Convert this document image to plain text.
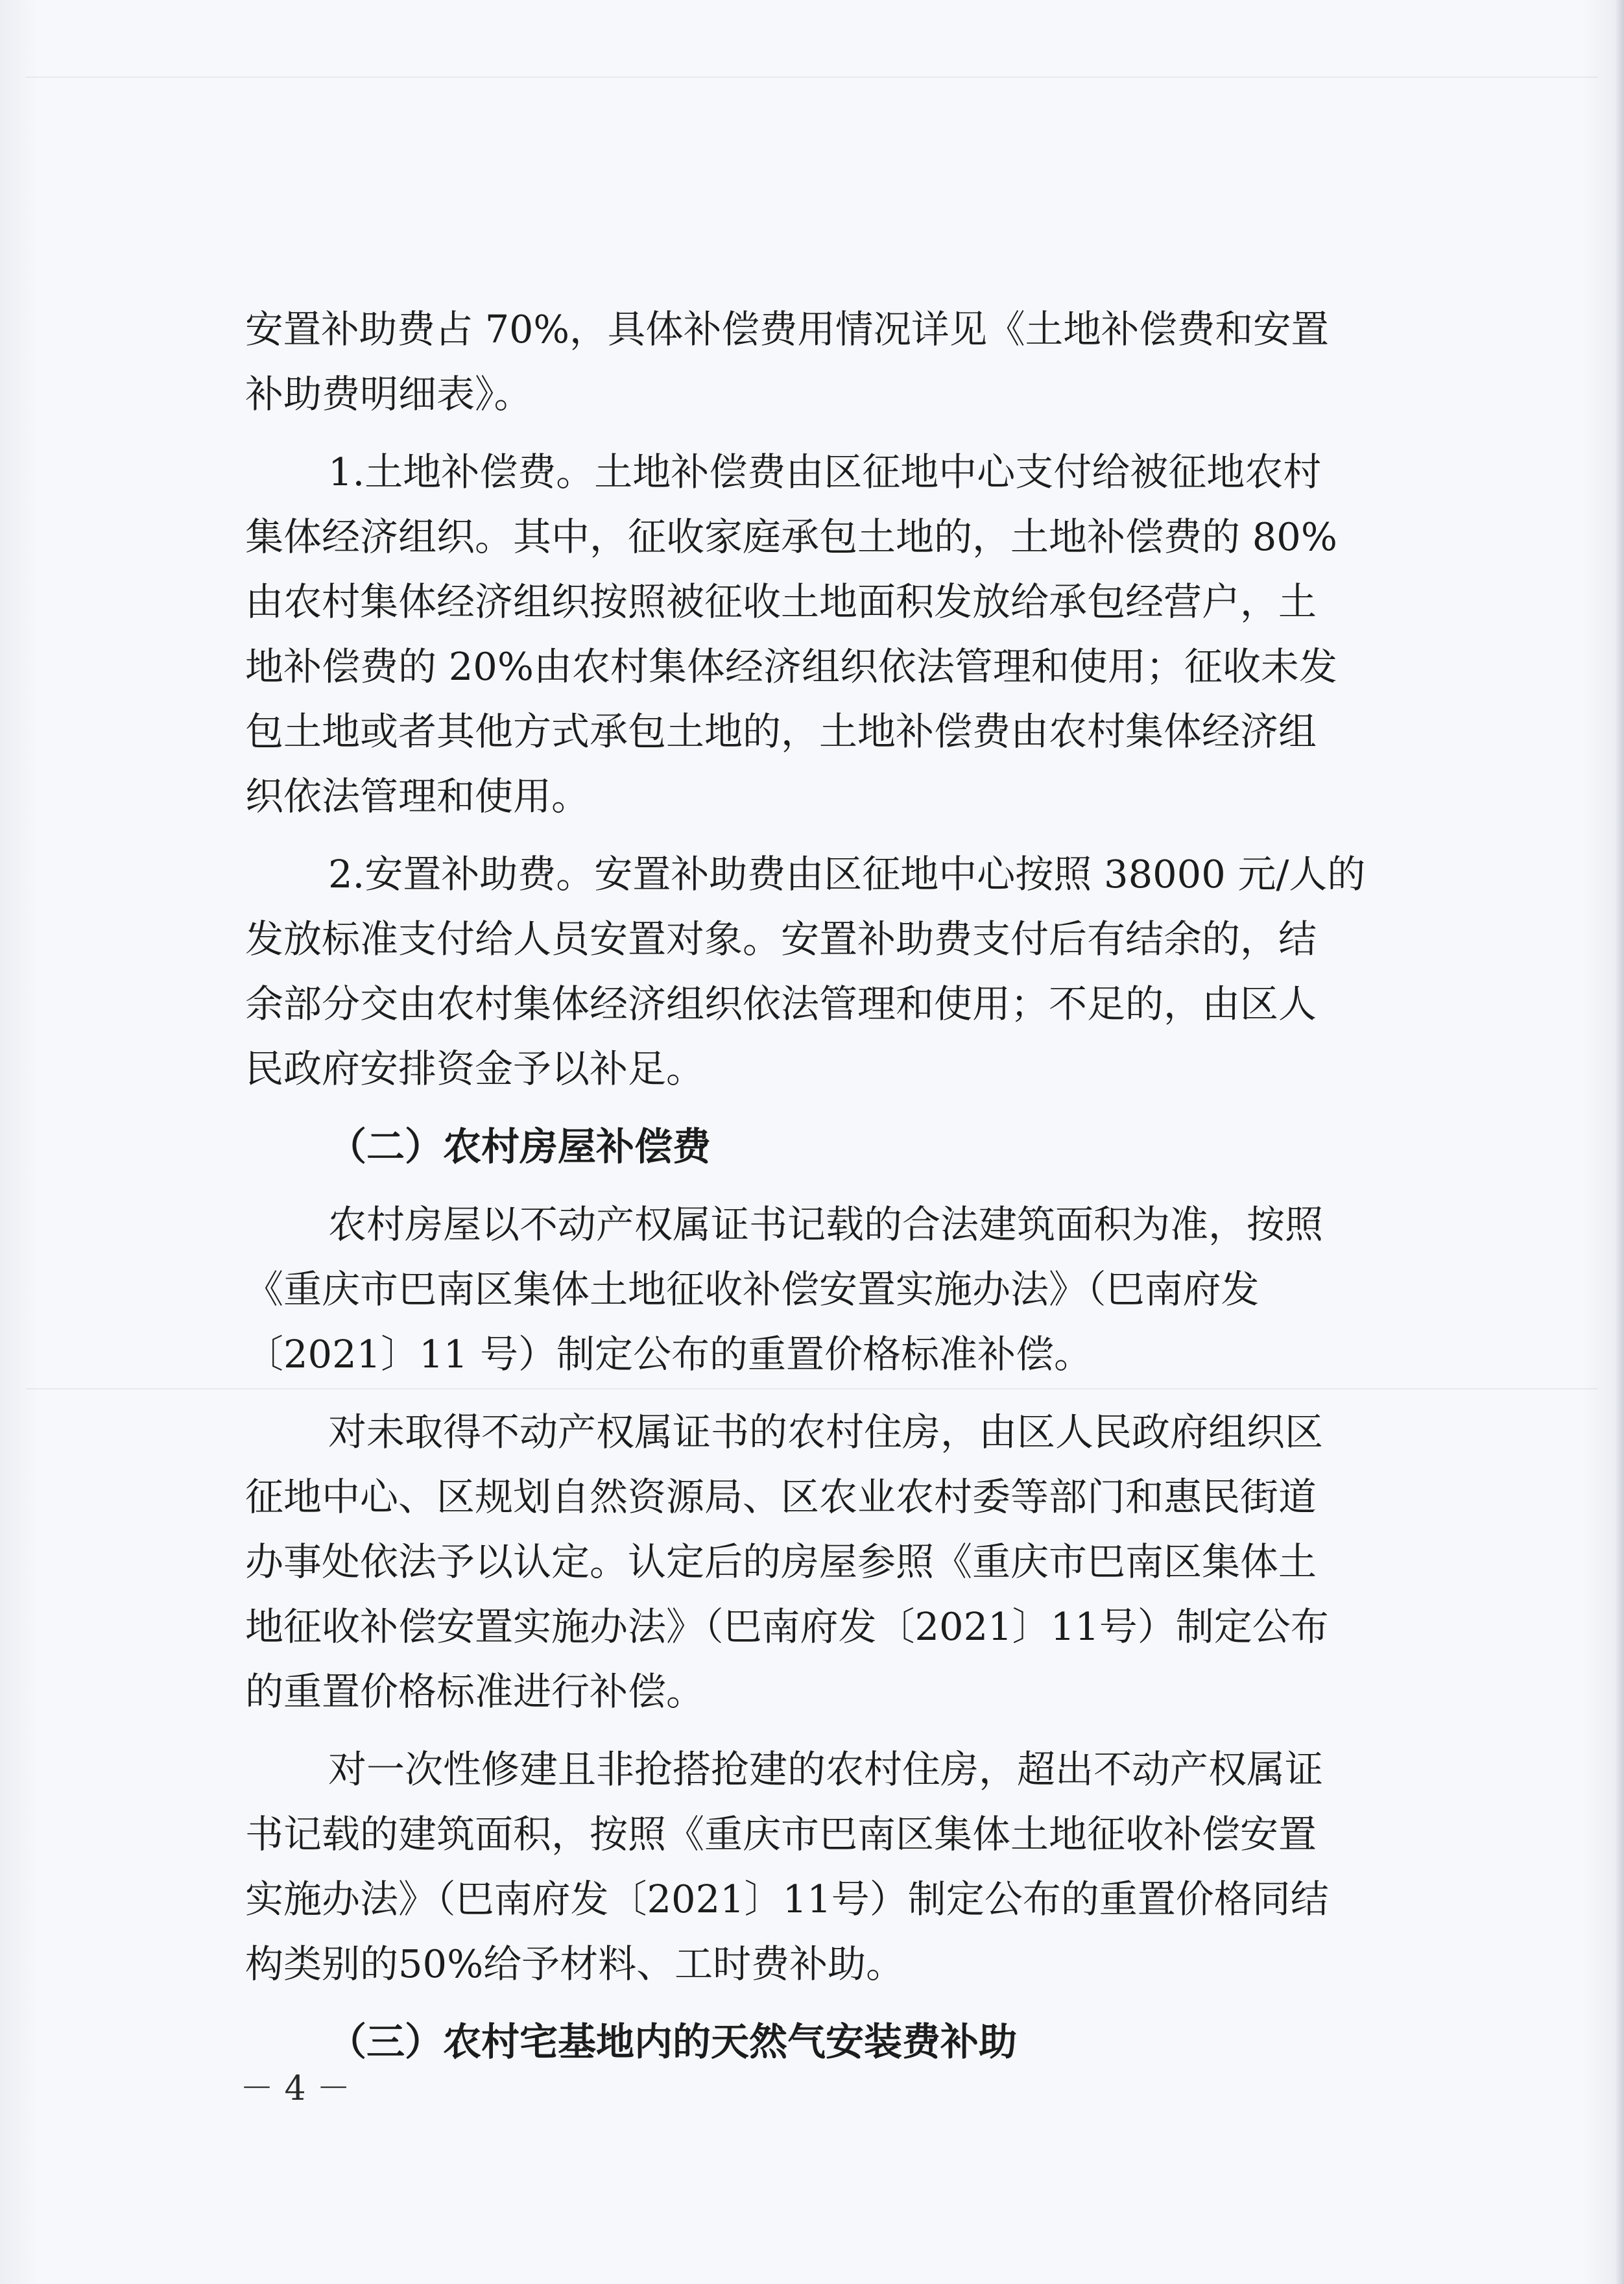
安置补助费占 70%，具体补偿费用情况详见《土地补偿费和安置
补助费明细表》。
1.土地补偿费。土地补偿费由区征地中心支付给被征地农村
集体经济组织。其中，征收家庭承包土地的，土地补偿费的 80%
由农村集体经济组织按照被征收土地面积发放给承包经营户，土
地补偿费的 20%由农村集体经济组织依法管理和使用；征收未发
包土地或者其他方式承包土地的，土地补偿费由农村集体经济组
织依法管理和使用。
2.安置补助费。安置补助费由区征地中心按照 38000 元/人的
发放标准支付给人员安置对象。安置补助费支付后有结余的，结
余部分交由农村集体经济组织依法管理和使用；不足的，由区人
民政府安排资金予以补足。
（二）农村房屋补偿费
农村房屋以不动产权属证书记载的合法建筑面积为准，按照
《重庆市巴南区集体土地征收补偿安置实施办法》（巴南府发
〔2021〕11 号）制定公布的重置价格标准补偿。
对未取得不动产权属证书的农村住房，由区人民政府组织区
征地中心、区规划自然资源局、区农业农村委等部门和惠民街道
办事处依法予以认定。认定后的房屋参照《重庆市巴南区集体土
地征收补偿安置实施办法》（巴南府发〔2021〕11号）制定公布
的重置价格标准进行补偿。
对一次性修建且非抢搭抢建的农村住房，超出不动产权属证
书记载的建筑面积，按照《重庆市巴南区集体土地征收补偿安置
实施办法》（巴南府发〔2021〕11号）制定公布的重置价格同结
构类别的50%给予材料、工时费补助。
（三）农村宅基地内的天然气安装费补助
－ 4 －
